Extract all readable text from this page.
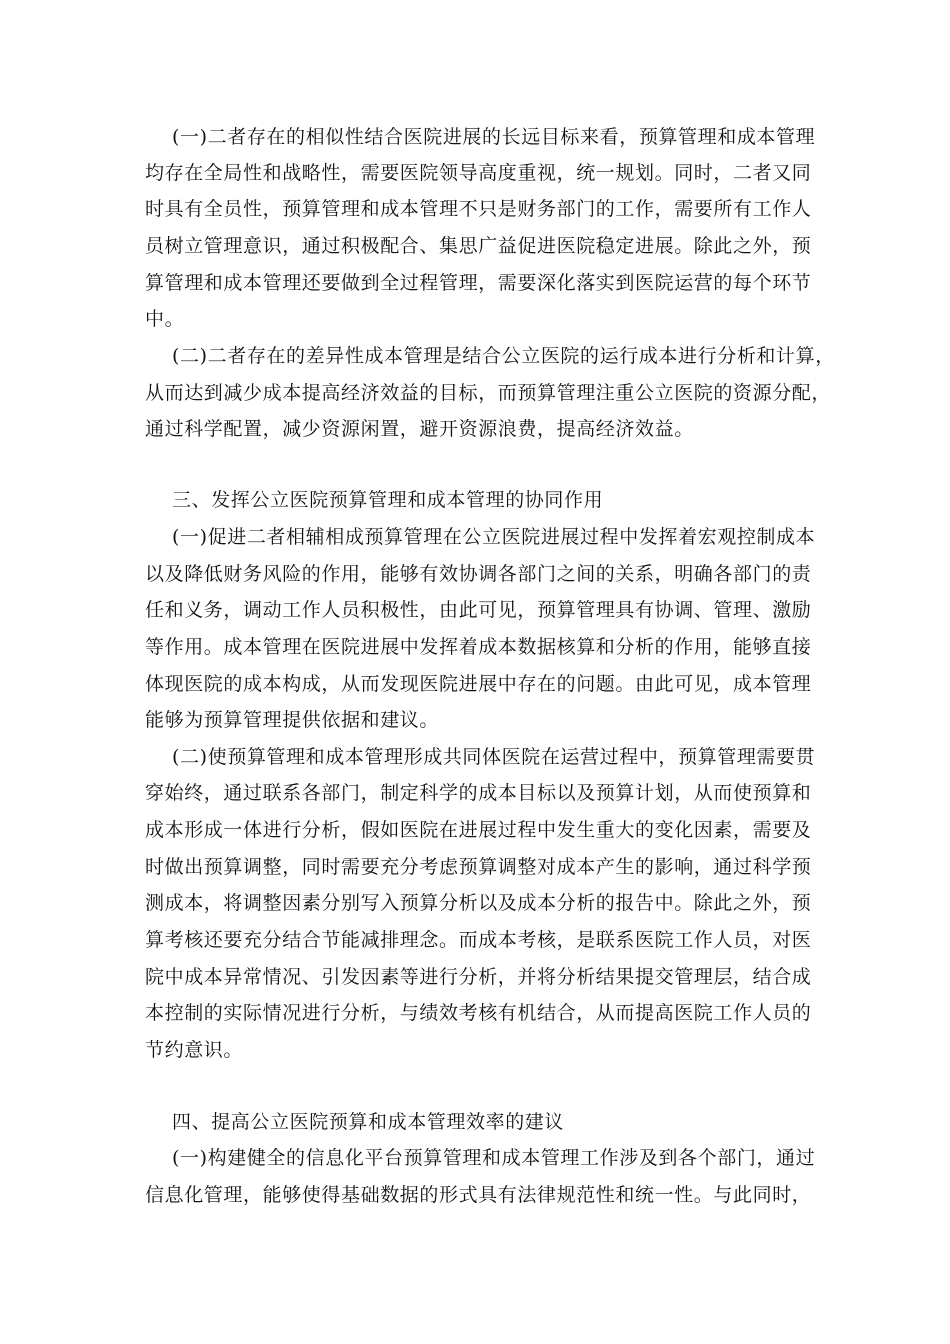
(一)二者存在的相似性结合医院进展的长远目标来看，预算管理和成本管理

均存在全局性和战略性，需要医院领导高度重视，统一规划。同时，二者又同

时具有全员性，预算管理和成本管理不只是财务部门的工作，需要所有工作人

员树立管理意识，通过积极配合、集思广益促进医院稳定进展。除此之外，预

算管理和成本管理还要做到全过程管理，需要深化落实到医院运营的每个环节

中。

(二)二者存在的差异性成本管理是结合公立医院的运行成本进行分析和计算，

从而达到减少成本提高经济效益的目标，而预算管理注重公立医院的资源分配，

通过科学配置，减少资源闲置，避开资源浪费，提高经济效益。

三、发挥公立医院预算管理和成本管理的协同作用

(一)促进二者相辅相成预算管理在公立医院进展过程中发挥着宏观控制成本

以及降低财务风险的作用，能够有效协调各部门之间的关系，明确各部门的责

任和义务，调动工作人员积极性，由此可见，预算管理具有协调、管理、激励

等作用。成本管理在医院进展中发挥着成本数据核算和分析的作用，能够直接

体现医院的成本构成，从而发现医院进展中存在的问题。由此可见，成本管理

能够为预算管理提供依据和建议。

(二)使预算管理和成本管理形成共同体医院在运营过程中，预算管理需要贯

穿始终，通过联系各部门，制定科学的成本目标以及预算计划，从而使预算和

成本形成一体进行分析，假如医院在进展过程中发生重大的变化因素，需要及

时做出预算调整，同时需要充分考虑预算调整对成本产生的影响，通过科学预

测成本，将调整因素分别写入预算分析以及成本分析的报告中。除此之外，预

算考核还要充分结合节能减排理念。而成本考核，是联系医院工作人员，对医

院中成本异常情况、引发因素等进行分析，并将分析结果提交管理层，结合成

本控制的实际情况进行分析，与绩效考核有机结合，从而提高医院工作人员的

节约意识。

四、提高公立医院预算和成本管理效率的建议

(一)构建健全的信息化平台预算管理和成本管理工作涉及到各个部门，通过

信息化管理，能够使得基础数据的形式具有法律规范性和统一性。与此同时，
